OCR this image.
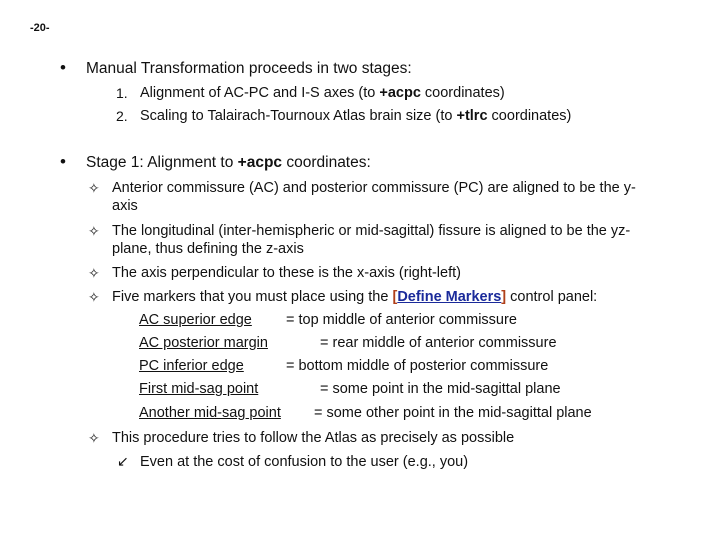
-20-
• Manual Transformation proceeds in two stages:
1. Alignment of AC-PC and I-S axes (to +acpc coordinates)
2. Scaling to Talairach-Tournoux Atlas brain size (to +tlrc coordinates)
• Stage 1: Alignment to +acpc coordinates:
✧ Anterior commissure (AC) and posterior commissure (PC) are aligned to be the y-
axis
✧ The longitudinal (inter-hemispheric or mid-sagittal) fissure is aligned to be the yz-
plane, thus defining the z-axis
✧ The axis perpendicular to these is the x-axis (right-left)
✧ Five markers that you must place using the [Define Markers] control panel:
AC superior edge = top middle of anterior commissure
AC posterior margin	= rear middle of anterior commissure
PC inferior edge	= bottom middle of posterior commissure
First mid-sag point	= some point in the mid-sagittal plane
Another mid-sag point = some other point in the mid-sagittal plane
✧ This procedure tries to follow the Atlas as precisely as possible
↙ Even at the cost of confusion to the user (e.g., you)
